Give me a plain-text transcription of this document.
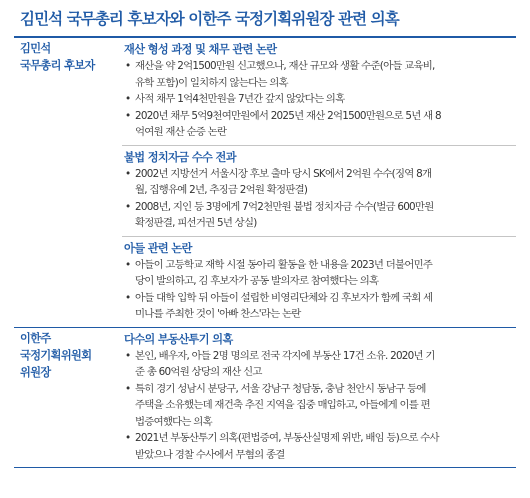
김민석 국무총리 후보자와 이한주 국정기획위원장 관련 의혹
김민석
국무총리 후보자
재산 형성 과정 및 채무 관련 논란
• 재산을 약 2억1500만원 신고했으나, 재산 규모와 생활 수준(아들 교육비,
유학 포함)이 일치하지 않는다는 의혹
• 사적 채무 1억4천만원을 7년간 갚지 않았다는 의혹
• 2020년 채무 5억9천여만원에서 2025년 재산 2억1500만원으로 5년 새 8
억여원 재산 순증 논란
불법 정치자금 수수 전과
• 2002년 지방선거 서울시장 후보 출마 당시 SK에서 2억원 수수(징역 8개
월, 집행유예 2년, 추징금 2억원 확정판결)
• 2008년, 지인 등 3명에게 7억2천만원 불법 정치자금 수수(벌금 600만원
확정판결, 피선거권 5년 상실)
아들 관련 논란
• 아들이 고등학교 재학 시절 동아리 활동을 한 내용을 2023년 더불어민주
당이 발의하고, 김 후보자가 공동 발의자로 참여했다는 의혹
• 아들 대학 입학 뒤 아들이 설립한 비영리단체와 김 후보자가 함께 국회 세
미나를 주최한 것이 '아빠 찬스'라는 논란
이한주
국정기획위원회
위원장
다수의 부동산투기 의혹
• 본인, 배우자, 아들 2명 명의로 전국 각지에 부동산 17건 소유. 2020년 기
준 총 60억원 상당의 재산 신고
• 특히 경기 성남시 분당구, 서울 강남구 청담동, 충남 천안시 동남구 등에
주택을 소유했는데 재건축 추진 지역을 집중 매입하고, 아들에게 이를 편
법증여했다는 의혹
• 2021년 부동산투기 의혹(편법증여, 부동산실명제 위반, 배임 등)으로 수사
받았으나 경찰 수사에서 무혐의 종결
